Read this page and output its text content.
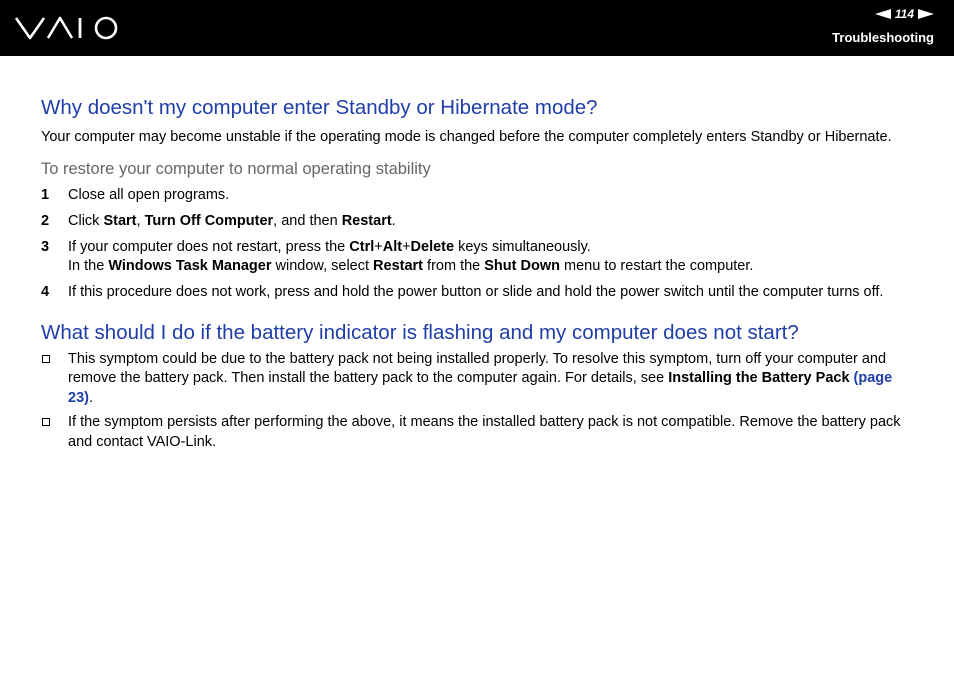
114
Troubleshooting
Why doesn't my computer enter Standby or Hibernate mode?

Your computer may become unstable if the operating mode is changed before the computer completely enters Standby or Hibernate.

To restore your computer to normal operating stability
1 Close all open programs.
2 Click Start, Turn Off Computer, and then Restart.
3 If your computer does not restart, press the Ctrl+Alt+Delete keys simultaneously.
In the Windows Task Manager window, select Restart from the Shut Down menu to restart the computer.
4 If this procedure does not work, press and hold the power button or slide and hold the power switch until the computer turns off.
What should I do if the battery indicator is flashing and my computer does not start?
This symptom could be due to the battery pack not being installed properly. To resolve this symptom, turn off your computer and remove the battery pack. Then install the battery pack to the computer again. For details, see Installing the Battery Pack (page 23).
If the symptom persists after performing the above, it means the installed battery pack is not compatible. Remove the battery pack and contact VAIO-Link.
